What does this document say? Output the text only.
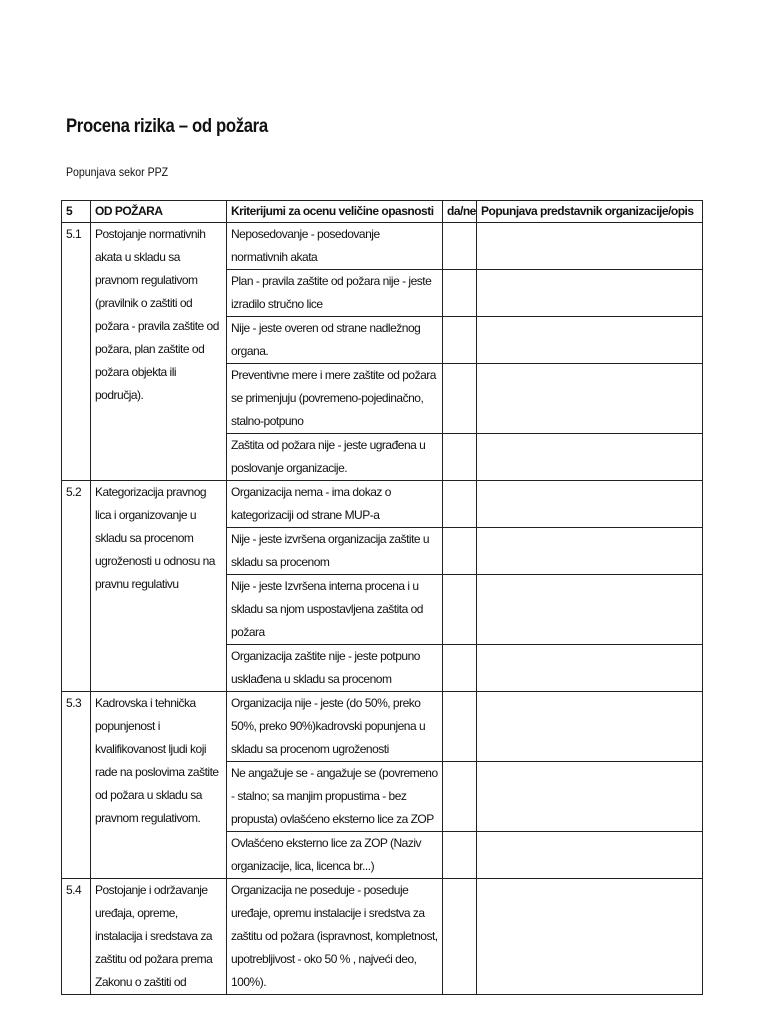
Procena rizika – od požara
Popunjava sekor PPZ
5	OD POŽARA	Kriterijumi za ocenu veličine opasnosti	da/ne	Popunjava predstavnik organizacije/opis
5.1	Postojanje normativnih akata u skladu sa pravnom regulativom (pravilnik o zaštiti od požara - pravila zaštite od požara, plan zaštite od požara objekta ili područja).	Neposedovanje - posedovanje normativnih akata		
		Plan - pravila zaštite od požara nije - jeste izradilo stručno lice		
		Nije - jeste overen od strane nadležnog organa.		
		Preventivne mere i mere zaštite od požara se primenjuju (povremeno-pojedinačno, stalno-potpuno		
		Zaštita od požara nije - jeste ugrađena u poslovanje organizacije.		
5.2	Kategorizacija pravnog lica i organizovanje u skladu sa procenom ugroženosti u odnosu na pravnu regulativu	Organizacija nema - ima dokaz o kategorizaciji od strane MUP-a		
		Nije - jeste izvršena organizacija zaštite u skladu sa procenom		
		Nije - jeste Izvršena interna procena i u skladu sa njom uspostavljena zaštita od požara		
		Organizacija zaštite nije - jeste potpuno usklađena u skladu sa procenom		
5.3	Kadrovska i tehnička popunjenost i kvalifikovanost ljudi koji rade na poslovima zaštite od požara u skladu sa pravnom regulativom.	Organizacija nije - jeste (do 50%, preko 50%, preko 90%)kadrovski popunjena u skladu sa procenom ugroženosti		
		Ne angažuje se - angažuje se (povremeno - stalno; sa manjim propustima - bez propusta) ovlašćeno eksterno lice za ZOP		
		Ovlašćeno eksterno lice za ZOP (Naziv organizacije, lica, licenca br...)		
5.4	Postojanje i održavanje uređaja, opreme, instalacija i sredstava za zaštitu od požara prema Zakonu o zaštiti od	Organizacija ne poseduje - poseduje uređaje, opremu instalacije i sredstva za zaštitu od požara (ispravnost, kompletnost, upotrebljivost - oko 50 % , najveći deo, 100%).		
